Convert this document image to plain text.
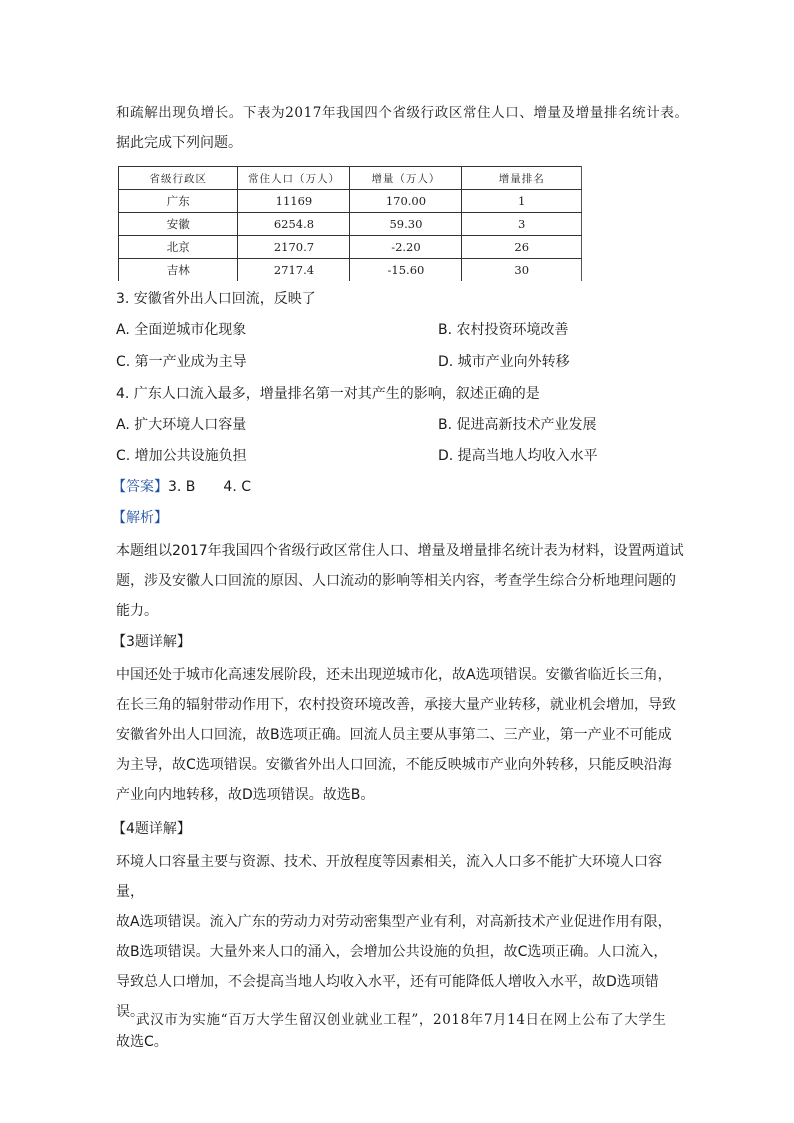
和疏解出现负增长。下表为2017年我国四个省级行政区常住人口、增量及增量排名统计表。
据此完成下列问题。
省级行政区	常住人口（万人）	增量（万人）	增量排名
广东	11169	170.00	1
安徽	6254.8	59.30	3
北京	2170.7	-2.20	26
吉林	2717.4	-15.60	30
3. 安徽省外出人口回流，反映了
A. 全面逆城市化现象	B. 农村投资环境改善
C. 第一产业成为主导	D. 城市产业向外转移
4. 广东人口流入最多，增量排名第一对其产生的影响，叙述正确的是
A. 扩大环境人口容量	B. 促进高新技术产业发展
C. 增加公共设施负担	D. 提高当地人均收入水平
【答案】3. B　　4. C
【解析】

本题组以2017年我国四个省级行政区常住人口、增量及增量排名统计表为材料，设置两道试

题，涉及安徽人口回流的原因、人口流动的影响等相关内容，考查学生综合分析地理问题的

能力。

【3题详解】

中国还处于城市化高速发展阶段，还未出现逆城市化，故A选项错误。安徽省临近长三角，

在长三角的辐射带动作用下，农村投资环境改善，承接大量产业转移，就业机会增加，导致

安徽省外出人口回流，故B选项正确。回流人员主要从事第二、三产业，第一产业不可能成

为主导，故C选项错误。安徽省外出人口回流，不能反映城市产业向外转移，只能反映沿海

产业向内地转移，故D选项错误。故选B。

【4题详解】

环境人口容量主要与资源、技术、开放程度等因素相关，流入人口多不能扩大环境人口容量，

故A选项错误。流入广东的劳动力对劳动密集型产业有利，对高新技术产业促进作用有限，

故B选项错误。大量外来人口的涌入，会增加公共设施的负担，故C选项正确。人口流入，

导致总人口增加，不会提高当地人均收入水平，还有可能降低人增收入水平，故D选项错误。

故选C。

武汉市为实施“百万大学生留汉创业就业工程”，2018年7月14日在网上公布了大学生
